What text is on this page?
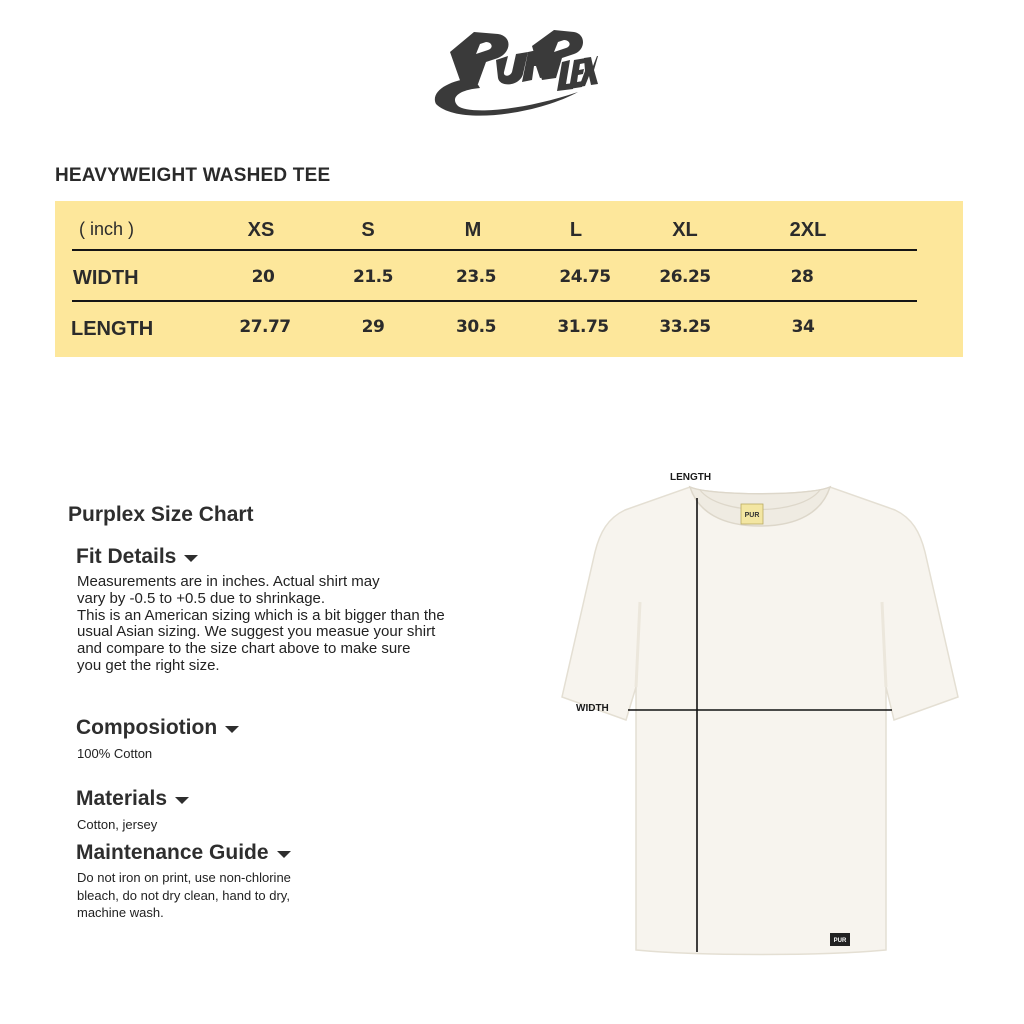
HEAVYWEIGHT WASHED TEE
( inch )	XS	S	M	L	XL	2XL
WIDTH	20	21.5	23.5	24.75	26.25	28
LENGTH	27.77	29	30.5	31.75	33.25	34
Purplex Size Chart
Fit Details
Measurements are in inches. Actual shirt may
vary by -0.5 to +0.5 due to shrinkage.
This is an American sizing which is a bit bigger than the
usual Asian sizing. We suggest you measue your shirt
and compare to the size chart above to make sure
you get the right size.
Composiotion
100% Cotton
Materials
Cotton, jersey
Maintenance Guide
Do not iron on print, use non-chlorine
bleach, do not dry clean, hand to dry,
machine wash.
PUR
PUR
LENGTH
WIDTH
